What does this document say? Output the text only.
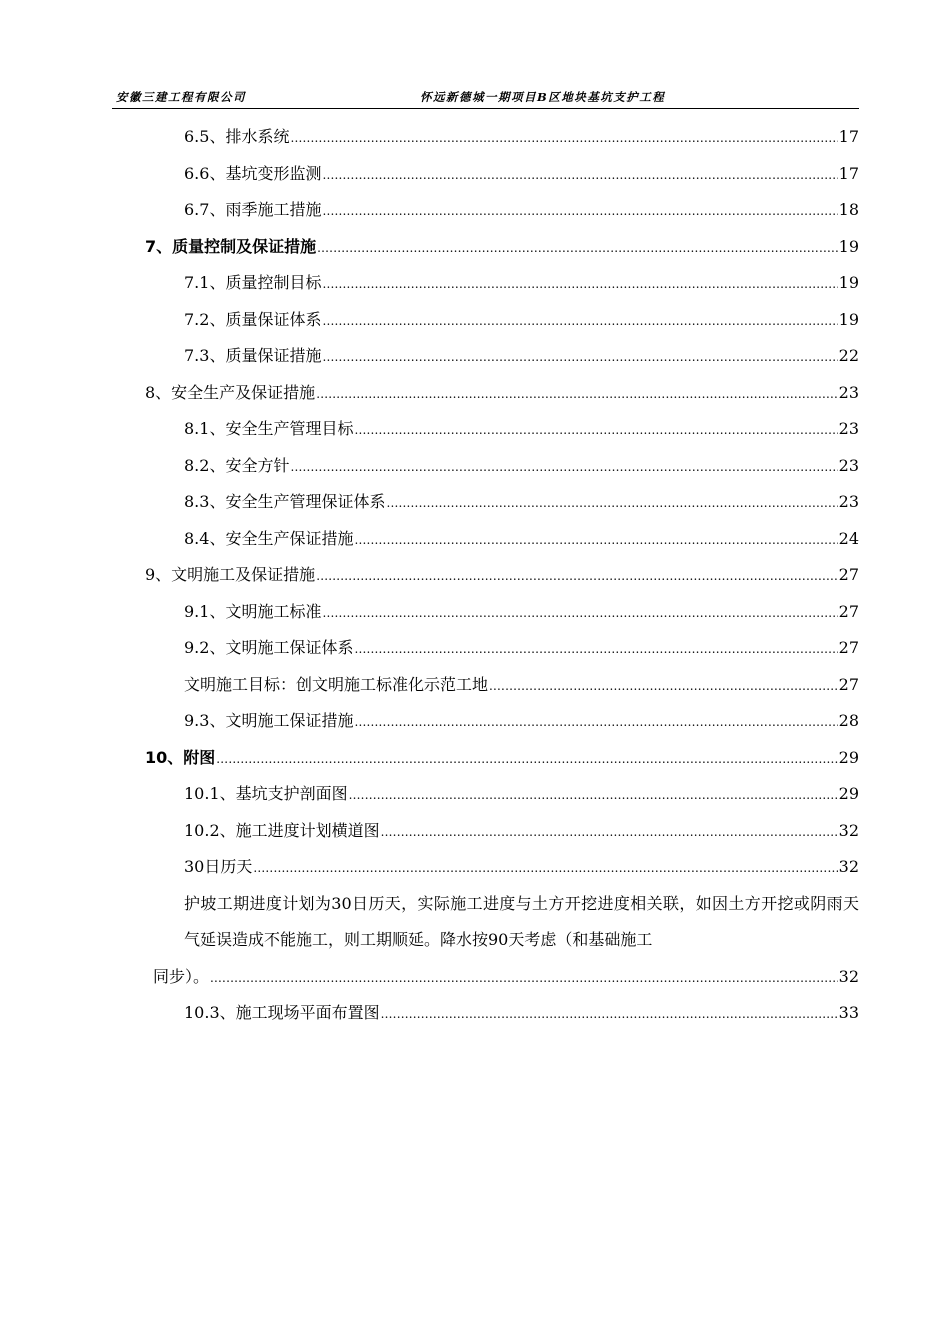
安徽三建工程有限公司	怀远新德城一期项目B区地块基坑支护工程
6.5、排水系统 .....	17
6.6、基坑变形监测 .....	17
6.7、雨季施工措施 .....	18
7、质量控制及保证措施 .....	19
7.1、质量控制目标 .....	19
7.2、质量保证体系 .....	19
7.3、质量保证措施 .....	22
8、安全生产及保证措施 .....	23
8.1、安全生产管理目标 .....	23
8.2、安全方针 .....	23
8.3、安全生产管理保证体系 .....	23
8.4、安全生产保证措施 .....	24
9、文明施工及保证措施 .....	27
9.1、文明施工标准 .....	27
9.2、文明施工保证体系 .....	27
文明施工目标：创文明施工标准化示范工地 .....	27
9.3、文明施工保证措施 .....	28
10、附图 .....	29
10.1、基坑支护剖面图 .....	29
10.2、施工进度计划横道图 .....	32
30日历天 .....	32
护坡工期进度计划为30日历天，实际施工进度与土方开挖进度相关联，如因土方开挖或阴雨天气延误造成不能施工，则工期顺延。降水按90天考虑（和基础施工
同步）。 .....	32
10.3、施工现场平面布置图 .....	33
